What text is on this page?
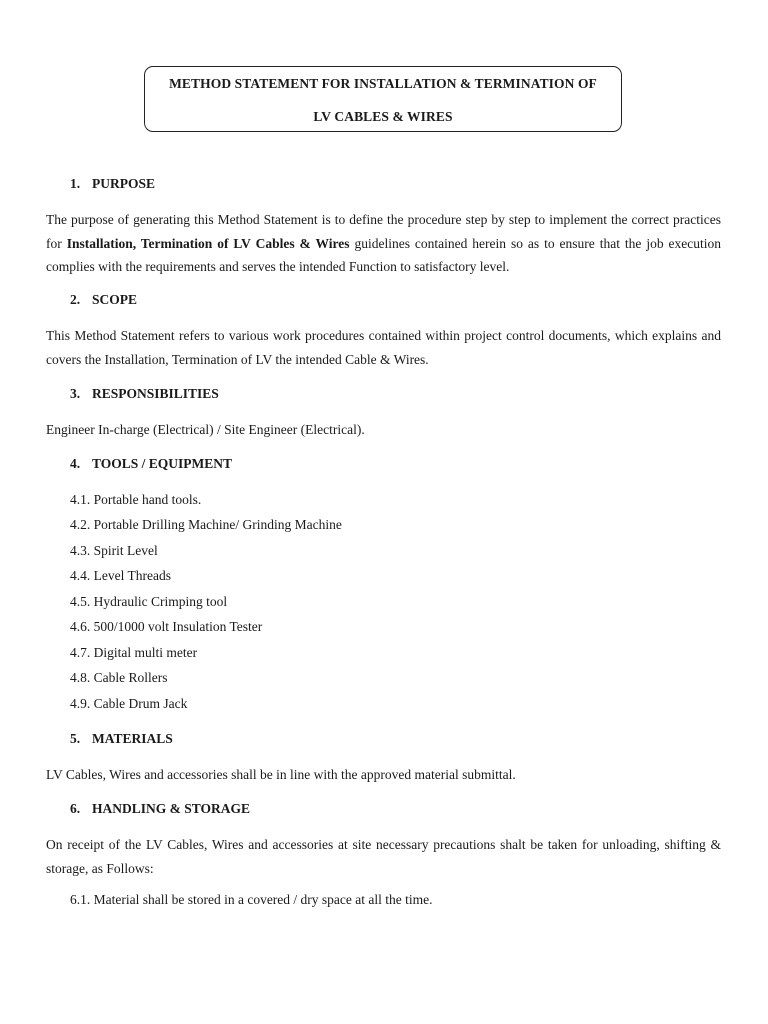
METHOD STATEMENT FOR INSTALLATION & TERMINATION OF
LV CABLES & WIRES
1. PURPOSE
The purpose of generating this Method Statement is to define the procedure step by step to implement the correct practices for Installation, Termination of LV Cables & Wires guidelines contained herein so as to ensure that the job execution complies with the requirements and serves the intended Function to satisfactory level.
2. SCOPE
This Method Statement refers to various work procedures contained within project control documents, which explains and covers the Installation, Termination of LV the intended Cable & Wires.
3. RESPONSIBILITIES
Engineer In-charge (Electrical) / Site Engineer (Electrical).
4. TOOLS / EQUIPMENT
4.1. Portable hand tools.
4.2. Portable Drilling Machine/ Grinding Machine
4.3. Spirit Level
4.4. Level Threads
4.5. Hydraulic Crimping tool
4.6. 500/1000 volt Insulation Tester
4.7. Digital multi meter
4.8. Cable Rollers
4.9. Cable Drum Jack
5. MATERIALS
LV Cables, Wires and accessories shall be in line with the approved material submittal.
6. HANDLING & STORAGE
On receipt of the LV Cables, Wires and accessories at site necessary precautions shalt be taken for unloading, shifting & storage, as Follows:
6.1. Material shall be stored in a covered / dry space at all the time.
